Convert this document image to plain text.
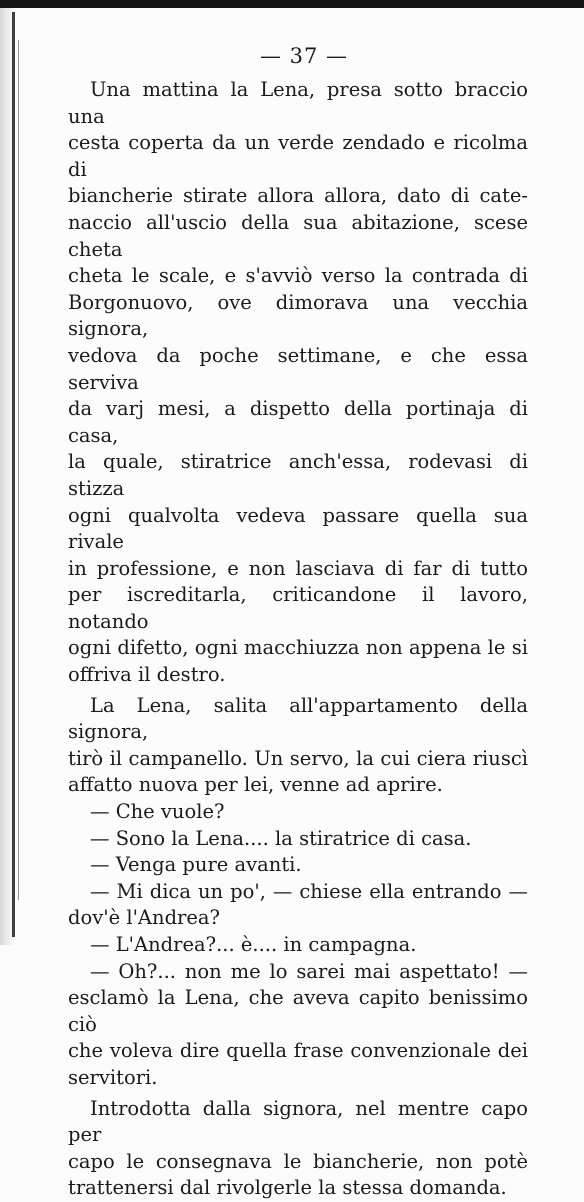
— 37 —

Una mattina la Lena, presa sotto braccio una

cesta coperta da un verde zendado e ricolma di

biancherie stirate allora allora, dato di cate-

naccio all'uscio della sua abitazione, scese cheta

cheta le scale, e s'avviò verso la contrada di

Borgonuovo, ove dimorava una vecchia signora,

vedova da poche settimane, e che essa serviva

da varj mesi, a dispetto della portinaja di casa,

la quale, stiratrice anch'essa, rodevasi di stizza

ogni qualvolta vedeva passare quella sua rivale

in professione, e non lasciava di far di tutto

per iscreditarla, criticandone il lavoro, notando

ogni difetto, ogni macchiuzza non appena le si

offriva il destro.

La Lena, salita all'appartamento della signora,

tirò il campanello. Un servo, la cui ciera riuscì

affatto nuova per lei, venne ad aprire.

— Che vuole?

— Sono la Lena.... la stiratrice di casa.

— Venga pure avanti.

— Mi dica un po', — chiese ella entrando —

dov'è l'Andrea?

— L'Andrea?... è.... in campagna.

— Oh?... non me lo sarei mai aspettato! —

esclamò la Lena, che aveva capito benissimo ciò

che voleva dire quella frase convenzionale dei

servitori.

Introdotta dalla signora, nel mentre capo per

capo le consegnava le biancherie, non potè

trattenersi dal rivolgerle la stessa domanda.
